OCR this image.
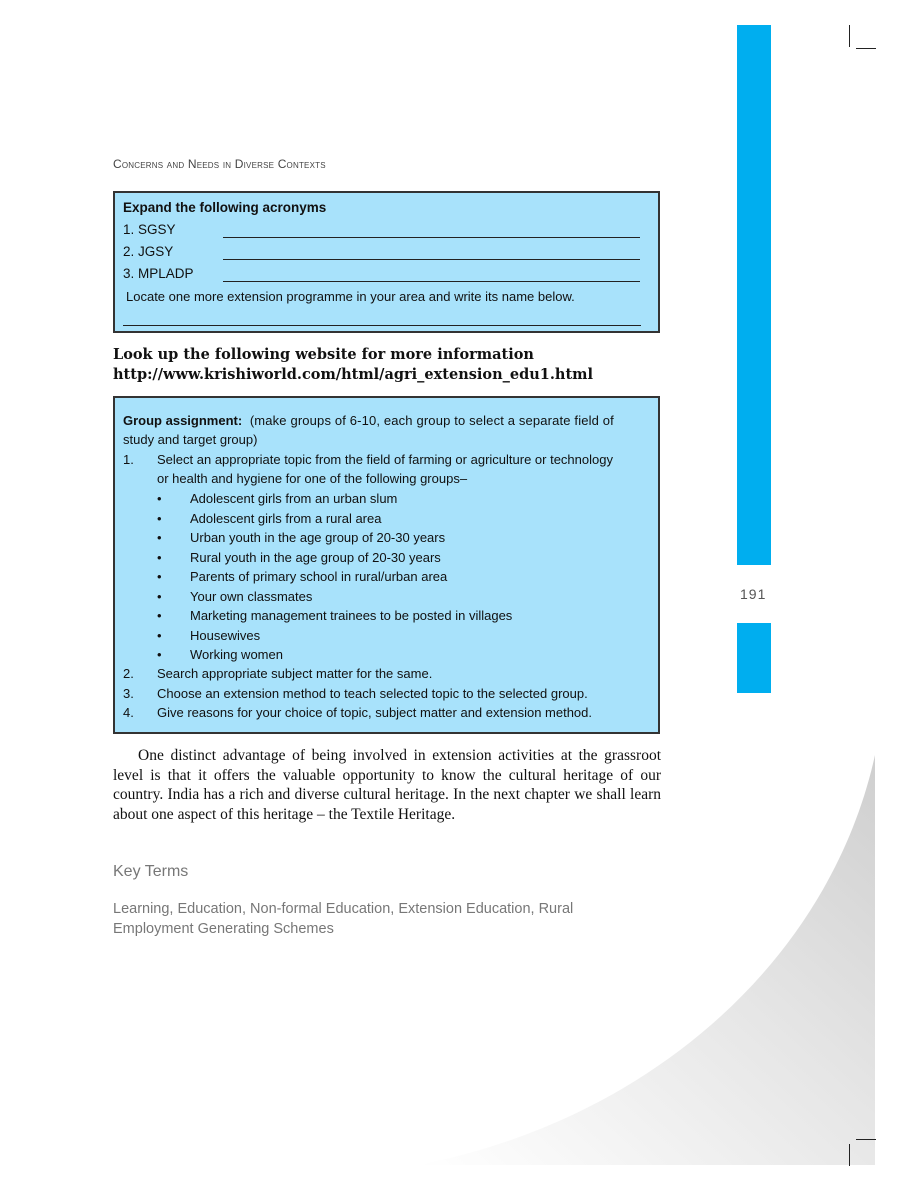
191
Concerns and Needs in Diverse Contexts
Expand the following acronyms
1. SGSY
2. JGSY
3. MPLADP
Locate one more extension programme in your area and write its name below.
Look up the following website for more information
http://www.krishiworld.com/html/agri_extension_edu1.html
Group assignment: (make groups of 6-10, each group to select a separate field of
study and target group)
1. Select an appropriate topic from the field of farming or agriculture or technology
or health and hygiene for one of the following groups–
• Adolescent girls from an urban slum
• Adolescent girls from a rural area
• Urban youth in the age group of 20-30 years
• Rural youth in the age group of 20-30 years
• Parents of primary school in rural/urban area
• Your own classmates
• Marketing management trainees to be posted in villages
• Housewives
• Working women
2. Search appropriate subject matter for the same.
3. Choose an extension method to teach selected topic to the selected group.
4. Give reasons for your choice of topic, subject matter and extension method.

One distinct advantage of being involved in extension activities at the grassroot level is that it offers the valuable opportunity to know the cultural heritage of our country. India has a rich and diverse cultural heritage. In the next chapter we shall learn about one aspect of this heritage – the Textile Heritage.

Key Terms
Learning, Education, Non-formal Education, Extension Education, Rural Employment Generating Schemes
